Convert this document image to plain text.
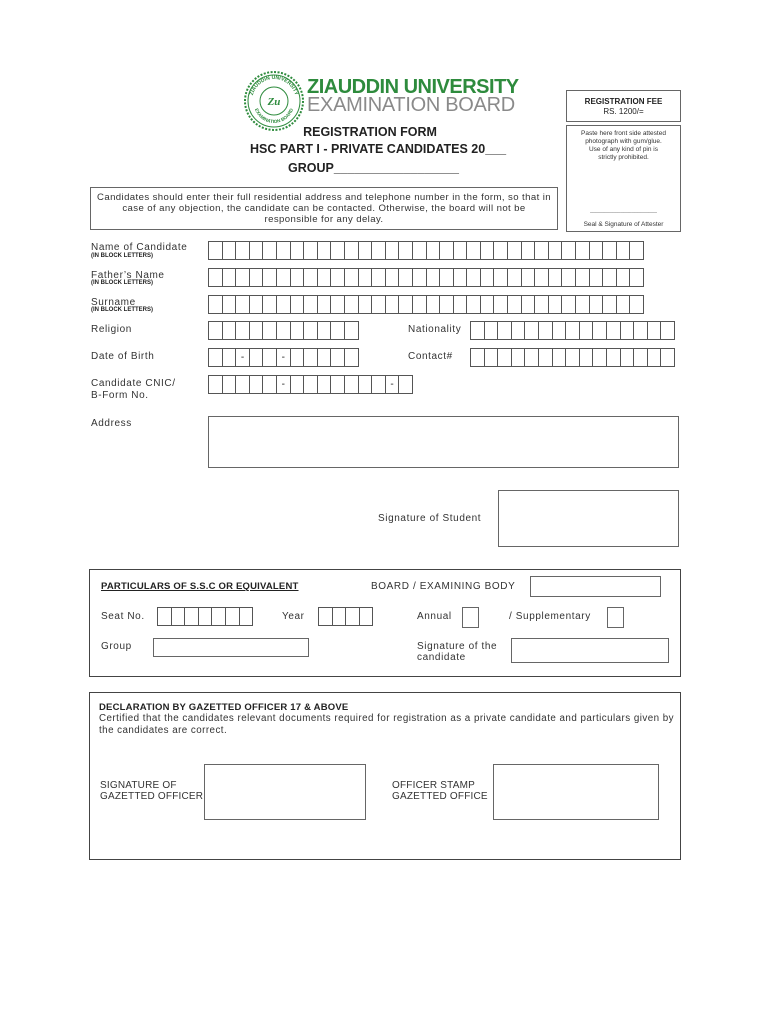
ZIAUDDIN UNIVERSITY
EXAMINATION BOARD
Zu
ZIAUDDIN UNIVERSITY
EXAMINATION BOARD
REGISTRATION FORM
HSC PART I - PRIVATE CANDIDATES 20___
GROUP__________________
REGISTRATION FEE
RS. 1200/=
Paste here front side attested photograph with gum/glue. Use of any kind of pin is strictly prohibited.
________________________
Seal & Signature of Attester
Candidates should enter their full residential address and telephone number in the form, so that in case of any objection, the candidate can be contacted. Otherwise, the board will not be responsible for any delay.
Name of Candidate
(IN BLOCK LETTERS)
Father’s Name
(IN BLOCK LETTERS)
Surname
(IN BLOCK LETTERS)
Religion	Nationality
Date of Birth	-	-	Contact#
Candidate CNIC/
B-Form No.
-	-
Address
Signature of Student
PARTICULARS OF S.S.C OR EQUIVALENT	BOARD / EXAMINING BODY
Seat No.	Year	Annual	/ Supplementary
Group	Signature of the
candidate
DECLARATION BY GAZETTED OFFICER 17 & ABOVE
Certified that the candidates relevant documents required for registration as a private candidate and particulars given by the candidates are correct.
SIGNATURE OF
GAZETTED OFFICER
OFFICER STAMP
GAZETTED OFFICE
